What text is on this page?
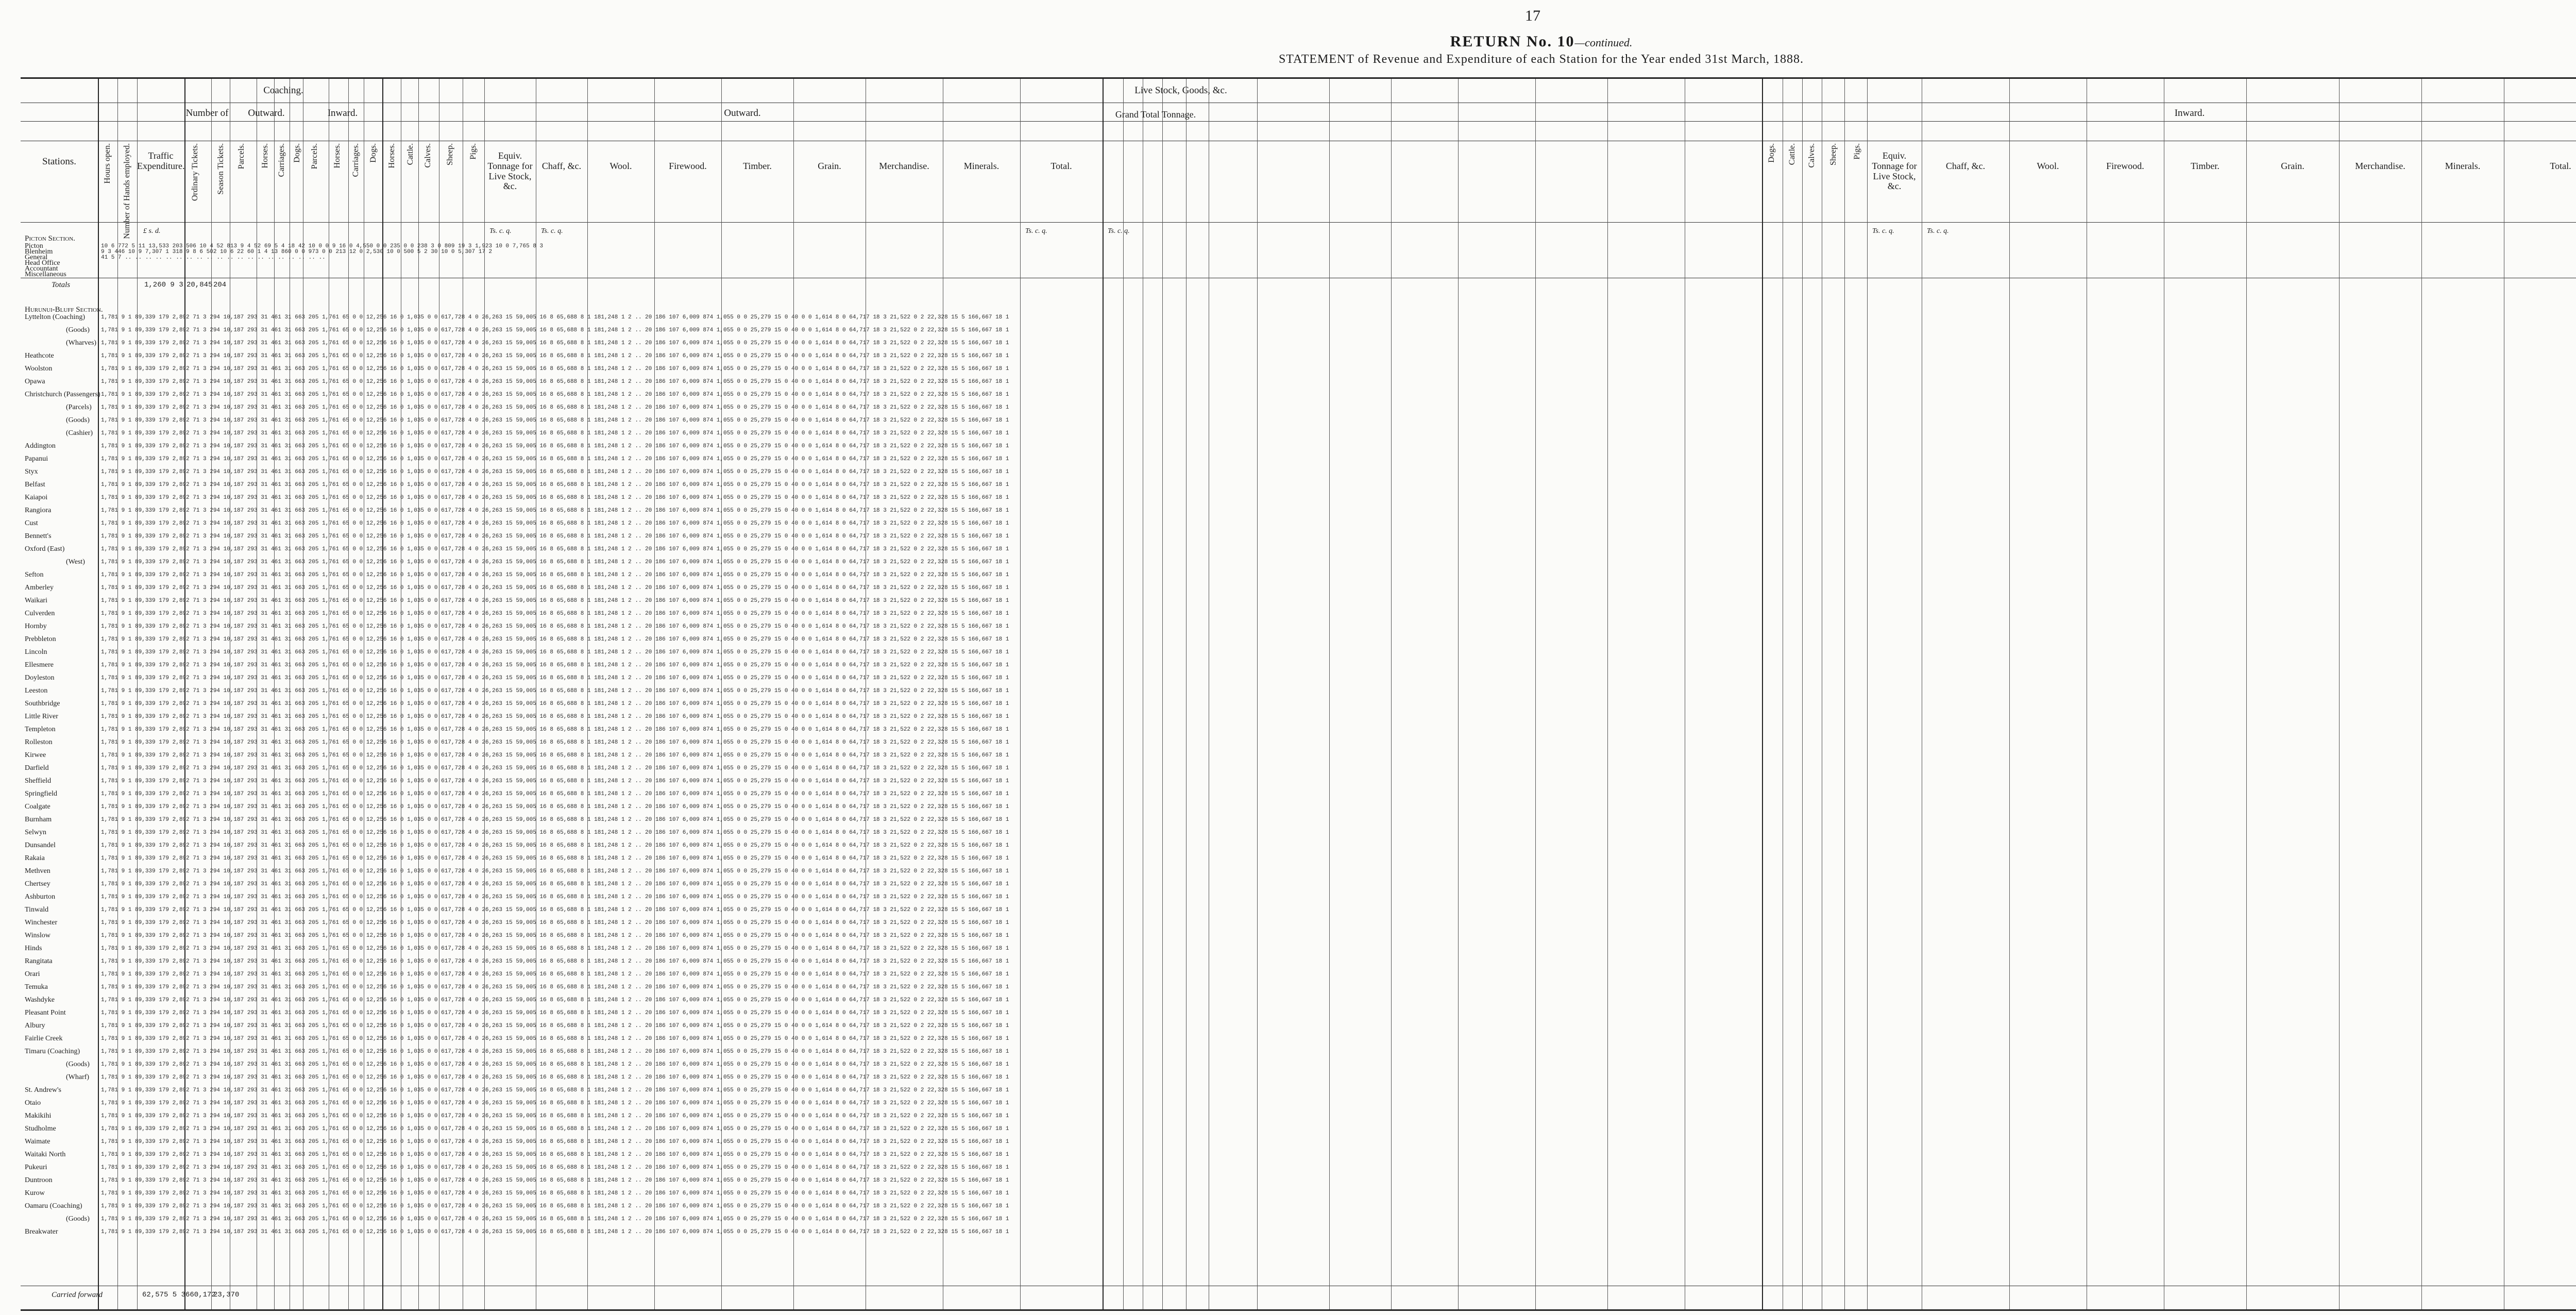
17
RETURN No. 10—continued.
STATEMENT of Revenue and Expenditure of each Station for the Year ended 31st March, 1888.
Stations.
Coaching.	Live Stock, Goods, &c.
Number of	Outward.	Inward.	Outward.	Inward.
Hours open. Number of Hands employed.	Ordinary Tickets. Season Tickets. Parcels. Horses. Carriages. Dogs. Parcels. Horses. Carriages. Dogs. Horses. Cattle. Calves. Sheep. Pigs.	Dogs. Cattle. Calves. Sheep. Pigs.
Traffic Expenditure.
Equiv. Tonnage for Live Stock, &c.
Chaff, &c.	Wool.	Firewood.	Timber.	Grain.	Merchandise.	Minerals.	Total.
Grand Total Tonnage.
Equiv. Tonnage for Live Stock, &c.
Chaff, &c.	Wool.	Firewood.	Timber.	Grain.	Merchandise.	Minerals.	Total.
£ s. d.	Ts. c. q.	Ts. c. q.	Ts. c. q.	Ts. c. q.	Ts. c. q.	Ts. c. q.
Picton Section.
Picton	10 6 772 5 11 13,533 203 506 10 4 52 813 9 4 52 69 5 4 18 42 10 0 0 9 16 0 4,550 0 0 235 0 0 238 3 0 809 19 3 1,923 10 0 7,765 8 3
Blenheim	9 3 446 10 9 7,307 1 318 9 8 6 502 10 6 22 60 1 4 13 860 0 0 973 0 0 213 12 0 2,530 10 0 500 5 2 30 10 0 5,307 17 2
General	41 5 7 .. .. .. .. .. .. .. .. .. .. .. .. .. .. .. .. .. .. .. ..
Head Office
Accountant
Miscellaneous
Totals	1,260 9 3 20,845 204
Hurunui-Bluff Section.
Lyttelton (Coaching)	1,781 9 1 89,339 179 2,892 71 3 294 10,187 293 31 461 31 663 205 1,761 65 0 0 12,256 16 0 1,035 0 0 617,728 4 0 26,263 15 59,005 16 8 65,688 8 1 181,248 1 2 .. 20 186 107 6,009 874 1,055 0 0 25,279 15 0 40 0 0 1,614 8 0 64,717 18 3 21,522 0 2 22,328 15 5 166,667 18 1
(Goods) 1,781 9 1 89,339 179 2,892 71 3 294 10,187 293 31 461 31 663 205 1,761 65 0 0 12,256 16 0 1,035 0 0 617,728 4 0 26,263 15 59,005 16 8 65,688 8 1 181,248 1 2 .. 20 186 107 6,009 874 1,055 0 0 25,279 15 0 40 0 0 1,614 8 0 64,717 18 3 21,522 0 2 22,328 15 5 166,667 18 1
(Wharves) 1,781 9 1 89,339 179 2,892 71 3 294 10,187 293 31 461 31 663 205 1,761 65 0 0 12,256 16 0 1,035 0 0 617,728 4 0 26,263 15 59,005 16 8 65,688 8 1 181,248 1 2 .. 20 186 107 6,009 874 1,055 0 0 25,279 15 0 40 0 0 1,614 8 0 64,717 18 3 21,522 0 2 22,328 15 5 166,667 18 1
Heathcote	1,781 9 1 89,339 179 2,892 71 3 294 10,187 293 31 461 31 663 205 1,761 65 0 0 12,256 16 0 1,035 0 0 617,728 4 0 26,263 15 59,005 16 8 65,688 8 1 181,248 1 2 .. 20 186 107 6,009 874 1,055 0 0 25,279 15 0 40 0 0 1,614 8 0 64,717 18 3 21,522 0 2 22,328 15 5 166,667 18 1
Woolston	1,781 9 1 89,339 179 2,892 71 3 294 10,187 293 31 461 31 663 205 1,761 65 0 0 12,256 16 0 1,035 0 0 617,728 4 0 26,263 15 59,005 16 8 65,688 8 1 181,248 1 2 .. 20 186 107 6,009 874 1,055 0 0 25,279 15 0 40 0 0 1,614 8 0 64,717 18 3 21,522 0 2 22,328 15 5 166,667 18 1
Opawa	1,781 9 1 89,339 179 2,892 71 3 294 10,187 293 31 461 31 663 205 1,761 65 0 0 12,256 16 0 1,035 0 0 617,728 4 0 26,263 15 59,005 16 8 65,688 8 1 181,248 1 2 .. 20 186 107 6,009 874 1,055 0 0 25,279 15 0 40 0 0 1,614 8 0 64,717 18 3 21,522 0 2 22,328 15 5 166,667 18 1
Christchurch (Passengers) 1,781 9 1 89,339 179 2,892 71 3 294 10,187 293 31 461 31 663 205 1,761 65 0 0 12,256 16 0 1,035 0 0 617,728 4 0 26,263 15 59,005 16 8 65,688 8 1 181,248 1 2 .. 20 186 107 6,009 874 1,055 0 0 25,279 15 0 40 0 0 1,614 8 0 64,717 18 3 21,522 0 2 22,328 15 5 166,667 18 1
(Parcels) 1,781 9 1 89,339 179 2,892 71 3 294 10,187 293 31 461 31 663 205 1,761 65 0 0 12,256 16 0 1,035 0 0 617,728 4 0 26,263 15 59,005 16 8 65,688 8 1 181,248 1 2 .. 20 186 107 6,009 874 1,055 0 0 25,279 15 0 40 0 0 1,614 8 0 64,717 18 3 21,522 0 2 22,328 15 5 166,667 18 1
(Goods) 1,781 9 1 89,339 179 2,892 71 3 294 10,187 293 31 461 31 663 205 1,761 65 0 0 12,256 16 0 1,035 0 0 617,728 4 0 26,263 15 59,005 16 8 65,688 8 1 181,248 1 2 .. 20 186 107 6,009 874 1,055 0 0 25,279 15 0 40 0 0 1,614 8 0 64,717 18 3 21,522 0 2 22,328 15 5 166,667 18 1
(Cashier) 1,781 9 1 89,339 179 2,892 71 3 294 10,187 293 31 461 31 663 205 1,761 65 0 0 12,256 16 0 1,035 0 0 617,728 4 0 26,263 15 59,005 16 8 65,688 8 1 181,248 1 2 .. 20 186 107 6,009 874 1,055 0 0 25,279 15 0 40 0 0 1,614 8 0 64,717 18 3 21,522 0 2 22,328 15 5 166,667 18 1
Addington	1,781 9 1 89,339 179 2,892 71 3 294 10,187 293 31 461 31 663 205 1,761 65 0 0 12,256 16 0 1,035 0 0 617,728 4 0 26,263 15 59,005 16 8 65,688 8 1 181,248 1 2 .. 20 186 107 6,009 874 1,055 0 0 25,279 15 0 40 0 0 1,614 8 0 64,717 18 3 21,522 0 2 22,328 15 5 166,667 18 1
Papanui	1,781 9 1 89,339 179 2,892 71 3 294 10,187 293 31 461 31 663 205 1,761 65 0 0 12,256 16 0 1,035 0 0 617,728 4 0 26,263 15 59,005 16 8 65,688 8 1 181,248 1 2 .. 20 186 107 6,009 874 1,055 0 0 25,279 15 0 40 0 0 1,614 8 0 64,717 18 3 21,522 0 2 22,328 15 5 166,667 18 1
Styx	1,781 9 1 89,339 179 2,892 71 3 294 10,187 293 31 461 31 663 205 1,761 65 0 0 12,256 16 0 1,035 0 0 617,728 4 0 26,263 15 59,005 16 8 65,688 8 1 181,248 1 2 .. 20 186 107 6,009 874 1,055 0 0 25,279 15 0 40 0 0 1,614 8 0 64,717 18 3 21,522 0 2 22,328 15 5 166,667 18 1
Belfast	1,781 9 1 89,339 179 2,892 71 3 294 10,187 293 31 461 31 663 205 1,761 65 0 0 12,256 16 0 1,035 0 0 617,728 4 0 26,263 15 59,005 16 8 65,688 8 1 181,248 1 2 .. 20 186 107 6,009 874 1,055 0 0 25,279 15 0 40 0 0 1,614 8 0 64,717 18 3 21,522 0 2 22,328 15 5 166,667 18 1
Kaiapoi	1,781 9 1 89,339 179 2,892 71 3 294 10,187 293 31 461 31 663 205 1,761 65 0 0 12,256 16 0 1,035 0 0 617,728 4 0 26,263 15 59,005 16 8 65,688 8 1 181,248 1 2 .. 20 186 107 6,009 874 1,055 0 0 25,279 15 0 40 0 0 1,614 8 0 64,717 18 3 21,522 0 2 22,328 15 5 166,667 18 1
Rangiora	1,781 9 1 89,339 179 2,892 71 3 294 10,187 293 31 461 31 663 205 1,761 65 0 0 12,256 16 0 1,035 0 0 617,728 4 0 26,263 15 59,005 16 8 65,688 8 1 181,248 1 2 .. 20 186 107 6,009 874 1,055 0 0 25,279 15 0 40 0 0 1,614 8 0 64,717 18 3 21,522 0 2 22,328 15 5 166,667 18 1
Cust	1,781 9 1 89,339 179 2,892 71 3 294 10,187 293 31 461 31 663 205 1,761 65 0 0 12,256 16 0 1,035 0 0 617,728 4 0 26,263 15 59,005 16 8 65,688 8 1 181,248 1 2 .. 20 186 107 6,009 874 1,055 0 0 25,279 15 0 40 0 0 1,614 8 0 64,717 18 3 21,522 0 2 22,328 15 5 166,667 18 1
Bennett's	1,781 9 1 89,339 179 2,892 71 3 294 10,187 293 31 461 31 663 205 1,761 65 0 0 12,256 16 0 1,035 0 0 617,728 4 0 26,263 15 59,005 16 8 65,688 8 1 181,248 1 2 .. 20 186 107 6,009 874 1,055 0 0 25,279 15 0 40 0 0 1,614 8 0 64,717 18 3 21,522 0 2 22,328 15 5 166,667 18 1
Oxford (East)	1,781 9 1 89,339 179 2,892 71 3 294 10,187 293 31 461 31 663 205 1,761 65 0 0 12,256 16 0 1,035 0 0 617,728 4 0 26,263 15 59,005 16 8 65,688 8 1 181,248 1 2 .. 20 186 107 6,009 874 1,055 0 0 25,279 15 0 40 0 0 1,614 8 0 64,717 18 3 21,522 0 2 22,328 15 5 166,667 18 1
(West)	1,781 9 1 89,339 179 2,892 71 3 294 10,187 293 31 461 31 663 205 1,761 65 0 0 12,256 16 0 1,035 0 0 617,728 4 0 26,263 15 59,005 16 8 65,688 8 1 181,248 1 2 .. 20 186 107 6,009 874 1,055 0 0 25,279 15 0 40 0 0 1,614 8 0 64,717 18 3 21,522 0 2 22,328 15 5 166,667 18 1
Sefton	1,781 9 1 89,339 179 2,892 71 3 294 10,187 293 31 461 31 663 205 1,761 65 0 0 12,256 16 0 1,035 0 0 617,728 4 0 26,263 15 59,005 16 8 65,688 8 1 181,248 1 2 .. 20 186 107 6,009 874 1,055 0 0 25,279 15 0 40 0 0 1,614 8 0 64,717 18 3 21,522 0 2 22,328 15 5 166,667 18 1
Amberley	1,781 9 1 89,339 179 2,892 71 3 294 10,187 293 31 461 31 663 205 1,761 65 0 0 12,256 16 0 1,035 0 0 617,728 4 0 26,263 15 59,005 16 8 65,688 8 1 181,248 1 2 .. 20 186 107 6,009 874 1,055 0 0 25,279 15 0 40 0 0 1,614 8 0 64,717 18 3 21,522 0 2 22,328 15 5 166,667 18 1
Waikari	1,781 9 1 89,339 179 2,892 71 3 294 10,187 293 31 461 31 663 205 1,761 65 0 0 12,256 16 0 1,035 0 0 617,728 4 0 26,263 15 59,005 16 8 65,688 8 1 181,248 1 2 .. 20 186 107 6,009 874 1,055 0 0 25,279 15 0 40 0 0 1,614 8 0 64,717 18 3 21,522 0 2 22,328 15 5 166,667 18 1
Culverden	1,781 9 1 89,339 179 2,892 71 3 294 10,187 293 31 461 31 663 205 1,761 65 0 0 12,256 16 0 1,035 0 0 617,728 4 0 26,263 15 59,005 16 8 65,688 8 1 181,248 1 2 .. 20 186 107 6,009 874 1,055 0 0 25,279 15 0 40 0 0 1,614 8 0 64,717 18 3 21,522 0 2 22,328 15 5 166,667 18 1
Hornby	1,781 9 1 89,339 179 2,892 71 3 294 10,187 293 31 461 31 663 205 1,761 65 0 0 12,256 16 0 1,035 0 0 617,728 4 0 26,263 15 59,005 16 8 65,688 8 1 181,248 1 2 .. 20 186 107 6,009 874 1,055 0 0 25,279 15 0 40 0 0 1,614 8 0 64,717 18 3 21,522 0 2 22,328 15 5 166,667 18 1
Prebbleton	1,781 9 1 89,339 179 2,892 71 3 294 10,187 293 31 461 31 663 205 1,761 65 0 0 12,256 16 0 1,035 0 0 617,728 4 0 26,263 15 59,005 16 8 65,688 8 1 181,248 1 2 .. 20 186 107 6,009 874 1,055 0 0 25,279 15 0 40 0 0 1,614 8 0 64,717 18 3 21,522 0 2 22,328 15 5 166,667 18 1
Lincoln	1,781 9 1 89,339 179 2,892 71 3 294 10,187 293 31 461 31 663 205 1,761 65 0 0 12,256 16 0 1,035 0 0 617,728 4 0 26,263 15 59,005 16 8 65,688 8 1 181,248 1 2 .. 20 186 107 6,009 874 1,055 0 0 25,279 15 0 40 0 0 1,614 8 0 64,717 18 3 21,522 0 2 22,328 15 5 166,667 18 1
Ellesmere	1,781 9 1 89,339 179 2,892 71 3 294 10,187 293 31 461 31 663 205 1,761 65 0 0 12,256 16 0 1,035 0 0 617,728 4 0 26,263 15 59,005 16 8 65,688 8 1 181,248 1 2 .. 20 186 107 6,009 874 1,055 0 0 25,279 15 0 40 0 0 1,614 8 0 64,717 18 3 21,522 0 2 22,328 15 5 166,667 18 1
Doyleston	1,781 9 1 89,339 179 2,892 71 3 294 10,187 293 31 461 31 663 205 1,761 65 0 0 12,256 16 0 1,035 0 0 617,728 4 0 26,263 15 59,005 16 8 65,688 8 1 181,248 1 2 .. 20 186 107 6,009 874 1,055 0 0 25,279 15 0 40 0 0 1,614 8 0 64,717 18 3 21,522 0 2 22,328 15 5 166,667 18 1
Leeston	1,781 9 1 89,339 179 2,892 71 3 294 10,187 293 31 461 31 663 205 1,761 65 0 0 12,256 16 0 1,035 0 0 617,728 4 0 26,263 15 59,005 16 8 65,688 8 1 181,248 1 2 .. 20 186 107 6,009 874 1,055 0 0 25,279 15 0 40 0 0 1,614 8 0 64,717 18 3 21,522 0 2 22,328 15 5 166,667 18 1
Southbridge	1,781 9 1 89,339 179 2,892 71 3 294 10,187 293 31 461 31 663 205 1,761 65 0 0 12,256 16 0 1,035 0 0 617,728 4 0 26,263 15 59,005 16 8 65,688 8 1 181,248 1 2 .. 20 186 107 6,009 874 1,055 0 0 25,279 15 0 40 0 0 1,614 8 0 64,717 18 3 21,522 0 2 22,328 15 5 166,667 18 1
Little River	1,781 9 1 89,339 179 2,892 71 3 294 10,187 293 31 461 31 663 205 1,761 65 0 0 12,256 16 0 1,035 0 0 617,728 4 0 26,263 15 59,005 16 8 65,688 8 1 181,248 1 2 .. 20 186 107 6,009 874 1,055 0 0 25,279 15 0 40 0 0 1,614 8 0 64,717 18 3 21,522 0 2 22,328 15 5 166,667 18 1
Templeton	1,781 9 1 89,339 179 2,892 71 3 294 10,187 293 31 461 31 663 205 1,761 65 0 0 12,256 16 0 1,035 0 0 617,728 4 0 26,263 15 59,005 16 8 65,688 8 1 181,248 1 2 .. 20 186 107 6,009 874 1,055 0 0 25,279 15 0 40 0 0 1,614 8 0 64,717 18 3 21,522 0 2 22,328 15 5 166,667 18 1
Rolleston	1,781 9 1 89,339 179 2,892 71 3 294 10,187 293 31 461 31 663 205 1,761 65 0 0 12,256 16 0 1,035 0 0 617,728 4 0 26,263 15 59,005 16 8 65,688 8 1 181,248 1 2 .. 20 186 107 6,009 874 1,055 0 0 25,279 15 0 40 0 0 1,614 8 0 64,717 18 3 21,522 0 2 22,328 15 5 166,667 18 1
Kirwee	1,781 9 1 89,339 179 2,892 71 3 294 10,187 293 31 461 31 663 205 1,761 65 0 0 12,256 16 0 1,035 0 0 617,728 4 0 26,263 15 59,005 16 8 65,688 8 1 181,248 1 2 .. 20 186 107 6,009 874 1,055 0 0 25,279 15 0 40 0 0 1,614 8 0 64,717 18 3 21,522 0 2 22,328 15 5 166,667 18 1
Darfield	1,781 9 1 89,339 179 2,892 71 3 294 10,187 293 31 461 31 663 205 1,761 65 0 0 12,256 16 0 1,035 0 0 617,728 4 0 26,263 15 59,005 16 8 65,688 8 1 181,248 1 2 .. 20 186 107 6,009 874 1,055 0 0 25,279 15 0 40 0 0 1,614 8 0 64,717 18 3 21,522 0 2 22,328 15 5 166,667 18 1
Sheffield	1,781 9 1 89,339 179 2,892 71 3 294 10,187 293 31 461 31 663 205 1,761 65 0 0 12,256 16 0 1,035 0 0 617,728 4 0 26,263 15 59,005 16 8 65,688 8 1 181,248 1 2 .. 20 186 107 6,009 874 1,055 0 0 25,279 15 0 40 0 0 1,614 8 0 64,717 18 3 21,522 0 2 22,328 15 5 166,667 18 1
Springfield	1,781 9 1 89,339 179 2,892 71 3 294 10,187 293 31 461 31 663 205 1,761 65 0 0 12,256 16 0 1,035 0 0 617,728 4 0 26,263 15 59,005 16 8 65,688 8 1 181,248 1 2 .. 20 186 107 6,009 874 1,055 0 0 25,279 15 0 40 0 0 1,614 8 0 64,717 18 3 21,522 0 2 22,328 15 5 166,667 18 1
Coalgate	1,781 9 1 89,339 179 2,892 71 3 294 10,187 293 31 461 31 663 205 1,761 65 0 0 12,256 16 0 1,035 0 0 617,728 4 0 26,263 15 59,005 16 8 65,688 8 1 181,248 1 2 .. 20 186 107 6,009 874 1,055 0 0 25,279 15 0 40 0 0 1,614 8 0 64,717 18 3 21,522 0 2 22,328 15 5 166,667 18 1
Burnham	1,781 9 1 89,339 179 2,892 71 3 294 10,187 293 31 461 31 663 205 1,761 65 0 0 12,256 16 0 1,035 0 0 617,728 4 0 26,263 15 59,005 16 8 65,688 8 1 181,248 1 2 .. 20 186 107 6,009 874 1,055 0 0 25,279 15 0 40 0 0 1,614 8 0 64,717 18 3 21,522 0 2 22,328 15 5 166,667 18 1
Selwyn	1,781 9 1 89,339 179 2,892 71 3 294 10,187 293 31 461 31 663 205 1,761 65 0 0 12,256 16 0 1,035 0 0 617,728 4 0 26,263 15 59,005 16 8 65,688 8 1 181,248 1 2 .. 20 186 107 6,009 874 1,055 0 0 25,279 15 0 40 0 0 1,614 8 0 64,717 18 3 21,522 0 2 22,328 15 5 166,667 18 1
Dunsandel	1,781 9 1 89,339 179 2,892 71 3 294 10,187 293 31 461 31 663 205 1,761 65 0 0 12,256 16 0 1,035 0 0 617,728 4 0 26,263 15 59,005 16 8 65,688 8 1 181,248 1 2 .. 20 186 107 6,009 874 1,055 0 0 25,279 15 0 40 0 0 1,614 8 0 64,717 18 3 21,522 0 2 22,328 15 5 166,667 18 1
Rakaia	1,781 9 1 89,339 179 2,892 71 3 294 10,187 293 31 461 31 663 205 1,761 65 0 0 12,256 16 0 1,035 0 0 617,728 4 0 26,263 15 59,005 16 8 65,688 8 1 181,248 1 2 .. 20 186 107 6,009 874 1,055 0 0 25,279 15 0 40 0 0 1,614 8 0 64,717 18 3 21,522 0 2 22,328 15 5 166,667 18 1
Methven	1,781 9 1 89,339 179 2,892 71 3 294 10,187 293 31 461 31 663 205 1,761 65 0 0 12,256 16 0 1,035 0 0 617,728 4 0 26,263 15 59,005 16 8 65,688 8 1 181,248 1 2 .. 20 186 107 6,009 874 1,055 0 0 25,279 15 0 40 0 0 1,614 8 0 64,717 18 3 21,522 0 2 22,328 15 5 166,667 18 1
Chertsey	1,781 9 1 89,339 179 2,892 71 3 294 10,187 293 31 461 31 663 205 1,761 65 0 0 12,256 16 0 1,035 0 0 617,728 4 0 26,263 15 59,005 16 8 65,688 8 1 181,248 1 2 .. 20 186 107 6,009 874 1,055 0 0 25,279 15 0 40 0 0 1,614 8 0 64,717 18 3 21,522 0 2 22,328 15 5 166,667 18 1
Ashburton	1,781 9 1 89,339 179 2,892 71 3 294 10,187 293 31 461 31 663 205 1,761 65 0 0 12,256 16 0 1,035 0 0 617,728 4 0 26,263 15 59,005 16 8 65,688 8 1 181,248 1 2 .. 20 186 107 6,009 874 1,055 0 0 25,279 15 0 40 0 0 1,614 8 0 64,717 18 3 21,522 0 2 22,328 15 5 166,667 18 1
Tinwald	1,781 9 1 89,339 179 2,892 71 3 294 10,187 293 31 461 31 663 205 1,761 65 0 0 12,256 16 0 1,035 0 0 617,728 4 0 26,263 15 59,005 16 8 65,688 8 1 181,248 1 2 .. 20 186 107 6,009 874 1,055 0 0 25,279 15 0 40 0 0 1,614 8 0 64,717 18 3 21,522 0 2 22,328 15 5 166,667 18 1
Winchester	1,781 9 1 89,339 179 2,892 71 3 294 10,187 293 31 461 31 663 205 1,761 65 0 0 12,256 16 0 1,035 0 0 617,728 4 0 26,263 15 59,005 16 8 65,688 8 1 181,248 1 2 .. 20 186 107 6,009 874 1,055 0 0 25,279 15 0 40 0 0 1,614 8 0 64,717 18 3 21,522 0 2 22,328 15 5 166,667 18 1
Winslow	1,781 9 1 89,339 179 2,892 71 3 294 10,187 293 31 461 31 663 205 1,761 65 0 0 12,256 16 0 1,035 0 0 617,728 4 0 26,263 15 59,005 16 8 65,688 8 1 181,248 1 2 .. 20 186 107 6,009 874 1,055 0 0 25,279 15 0 40 0 0 1,614 8 0 64,717 18 3 21,522 0 2 22,328 15 5 166,667 18 1
Hinds	1,781 9 1 89,339 179 2,892 71 3 294 10,187 293 31 461 31 663 205 1,761 65 0 0 12,256 16 0 1,035 0 0 617,728 4 0 26,263 15 59,005 16 8 65,688 8 1 181,248 1 2 .. 20 186 107 6,009 874 1,055 0 0 25,279 15 0 40 0 0 1,614 8 0 64,717 18 3 21,522 0 2 22,328 15 5 166,667 18 1
Rangitata	1,781 9 1 89,339 179 2,892 71 3 294 10,187 293 31 461 31 663 205 1,761 65 0 0 12,256 16 0 1,035 0 0 617,728 4 0 26,263 15 59,005 16 8 65,688 8 1 181,248 1 2 .. 20 186 107 6,009 874 1,055 0 0 25,279 15 0 40 0 0 1,614 8 0 64,717 18 3 21,522 0 2 22,328 15 5 166,667 18 1
Orari	1,781 9 1 89,339 179 2,892 71 3 294 10,187 293 31 461 31 663 205 1,761 65 0 0 12,256 16 0 1,035 0 0 617,728 4 0 26,263 15 59,005 16 8 65,688 8 1 181,248 1 2 .. 20 186 107 6,009 874 1,055 0 0 25,279 15 0 40 0 0 1,614 8 0 64,717 18 3 21,522 0 2 22,328 15 5 166,667 18 1
Temuka	1,781 9 1 89,339 179 2,892 71 3 294 10,187 293 31 461 31 663 205 1,761 65 0 0 12,256 16 0 1,035 0 0 617,728 4 0 26,263 15 59,005 16 8 65,688 8 1 181,248 1 2 .. 20 186 107 6,009 874 1,055 0 0 25,279 15 0 40 0 0 1,614 8 0 64,717 18 3 21,522 0 2 22,328 15 5 166,667 18 1
Washdyke	1,781 9 1 89,339 179 2,892 71 3 294 10,187 293 31 461 31 663 205 1,761 65 0 0 12,256 16 0 1,035 0 0 617,728 4 0 26,263 15 59,005 16 8 65,688 8 1 181,248 1 2 .. 20 186 107 6,009 874 1,055 0 0 25,279 15 0 40 0 0 1,614 8 0 64,717 18 3 21,522 0 2 22,328 15 5 166,667 18 1
Pleasant Point	1,781 9 1 89,339 179 2,892 71 3 294 10,187 293 31 461 31 663 205 1,761 65 0 0 12,256 16 0 1,035 0 0 617,728 4 0 26,263 15 59,005 16 8 65,688 8 1 181,248 1 2 .. 20 186 107 6,009 874 1,055 0 0 25,279 15 0 40 0 0 1,614 8 0 64,717 18 3 21,522 0 2 22,328 15 5 166,667 18 1
Albury	1,781 9 1 89,339 179 2,892 71 3 294 10,187 293 31 461 31 663 205 1,761 65 0 0 12,256 16 0 1,035 0 0 617,728 4 0 26,263 15 59,005 16 8 65,688 8 1 181,248 1 2 .. 20 186 107 6,009 874 1,055 0 0 25,279 15 0 40 0 0 1,614 8 0 64,717 18 3 21,522 0 2 22,328 15 5 166,667 18 1
Fairlie Creek	1,781 9 1 89,339 179 2,892 71 3 294 10,187 293 31 461 31 663 205 1,761 65 0 0 12,256 16 0 1,035 0 0 617,728 4 0 26,263 15 59,005 16 8 65,688 8 1 181,248 1 2 .. 20 186 107 6,009 874 1,055 0 0 25,279 15 0 40 0 0 1,614 8 0 64,717 18 3 21,522 0 2 22,328 15 5 166,667 18 1
Timaru (Coaching)	1,781 9 1 89,339 179 2,892 71 3 294 10,187 293 31 461 31 663 205 1,761 65 0 0 12,256 16 0 1,035 0 0 617,728 4 0 26,263 15 59,005 16 8 65,688 8 1 181,248 1 2 .. 20 186 107 6,009 874 1,055 0 0 25,279 15 0 40 0 0 1,614 8 0 64,717 18 3 21,522 0 2 22,328 15 5 166,667 18 1
(Goods) 1,781 9 1 89,339 179 2,892 71 3 294 10,187 293 31 461 31 663 205 1,761 65 0 0 12,256 16 0 1,035 0 0 617,728 4 0 26,263 15 59,005 16 8 65,688 8 1 181,248 1 2 .. 20 186 107 6,009 874 1,055 0 0 25,279 15 0 40 0 0 1,614 8 0 64,717 18 3 21,522 0 2 22,328 15 5 166,667 18 1
(Wharf) 1,781 9 1 89,339 179 2,892 71 3 294 10,187 293 31 461 31 663 205 1,761 65 0 0 12,256 16 0 1,035 0 0 617,728 4 0 26,263 15 59,005 16 8 65,688 8 1 181,248 1 2 .. 20 186 107 6,009 874 1,055 0 0 25,279 15 0 40 0 0 1,614 8 0 64,717 18 3 21,522 0 2 22,328 15 5 166,667 18 1
St. Andrew's	1,781 9 1 89,339 179 2,892 71 3 294 10,187 293 31 461 31 663 205 1,761 65 0 0 12,256 16 0 1,035 0 0 617,728 4 0 26,263 15 59,005 16 8 65,688 8 1 181,248 1 2 .. 20 186 107 6,009 874 1,055 0 0 25,279 15 0 40 0 0 1,614 8 0 64,717 18 3 21,522 0 2 22,328 15 5 166,667 18 1
Otaio	1,781 9 1 89,339 179 2,892 71 3 294 10,187 293 31 461 31 663 205 1,761 65 0 0 12,256 16 0 1,035 0 0 617,728 4 0 26,263 15 59,005 16 8 65,688 8 1 181,248 1 2 .. 20 186 107 6,009 874 1,055 0 0 25,279 15 0 40 0 0 1,614 8 0 64,717 18 3 21,522 0 2 22,328 15 5 166,667 18 1
Makikihi	1,781 9 1 89,339 179 2,892 71 3 294 10,187 293 31 461 31 663 205 1,761 65 0 0 12,256 16 0 1,035 0 0 617,728 4 0 26,263 15 59,005 16 8 65,688 8 1 181,248 1 2 .. 20 186 107 6,009 874 1,055 0 0 25,279 15 0 40 0 0 1,614 8 0 64,717 18 3 21,522 0 2 22,328 15 5 166,667 18 1
Studholme	1,781 9 1 89,339 179 2,892 71 3 294 10,187 293 31 461 31 663 205 1,761 65 0 0 12,256 16 0 1,035 0 0 617,728 4 0 26,263 15 59,005 16 8 65,688 8 1 181,248 1 2 .. 20 186 107 6,009 874 1,055 0 0 25,279 15 0 40 0 0 1,614 8 0 64,717 18 3 21,522 0 2 22,328 15 5 166,667 18 1
Waimate	1,781 9 1 89,339 179 2,892 71 3 294 10,187 293 31 461 31 663 205 1,761 65 0 0 12,256 16 0 1,035 0 0 617,728 4 0 26,263 15 59,005 16 8 65,688 8 1 181,248 1 2 .. 20 186 107 6,009 874 1,055 0 0 25,279 15 0 40 0 0 1,614 8 0 64,717 18 3 21,522 0 2 22,328 15 5 166,667 18 1
Waitaki North	1,781 9 1 89,339 179 2,892 71 3 294 10,187 293 31 461 31 663 205 1,761 65 0 0 12,256 16 0 1,035 0 0 617,728 4 0 26,263 15 59,005 16 8 65,688 8 1 181,248 1 2 .. 20 186 107 6,009 874 1,055 0 0 25,279 15 0 40 0 0 1,614 8 0 64,717 18 3 21,522 0 2 22,328 15 5 166,667 18 1
Pukeuri	1,781 9 1 89,339 179 2,892 71 3 294 10,187 293 31 461 31 663 205 1,761 65 0 0 12,256 16 0 1,035 0 0 617,728 4 0 26,263 15 59,005 16 8 65,688 8 1 181,248 1 2 .. 20 186 107 6,009 874 1,055 0 0 25,279 15 0 40 0 0 1,614 8 0 64,717 18 3 21,522 0 2 22,328 15 5 166,667 18 1
Duntroon	1,781 9 1 89,339 179 2,892 71 3 294 10,187 293 31 461 31 663 205 1,761 65 0 0 12,256 16 0 1,035 0 0 617,728 4 0 26,263 15 59,005 16 8 65,688 8 1 181,248 1 2 .. 20 186 107 6,009 874 1,055 0 0 25,279 15 0 40 0 0 1,614 8 0 64,717 18 3 21,522 0 2 22,328 15 5 166,667 18 1
Kurow	1,781 9 1 89,339 179 2,892 71 3 294 10,187 293 31 461 31 663 205 1,761 65 0 0 12,256 16 0 1,035 0 0 617,728 4 0 26,263 15 59,005 16 8 65,688 8 1 181,248 1 2 .. 20 186 107 6,009 874 1,055 0 0 25,279 15 0 40 0 0 1,614 8 0 64,717 18 3 21,522 0 2 22,328 15 5 166,667 18 1
Oamaru (Coaching)	1,781 9 1 89,339 179 2,892 71 3 294 10,187 293 31 461 31 663 205 1,761 65 0 0 12,256 16 0 1,035 0 0 617,728 4 0 26,263 15 59,005 16 8 65,688 8 1 181,248 1 2 .. 20 186 107 6,009 874 1,055 0 0 25,279 15 0 40 0 0 1,614 8 0 64,717 18 3 21,522 0 2 22,328 15 5 166,667 18 1
(Goods) 1,781 9 1 89,339 179 2,892 71 3 294 10,187 293 31 461 31 663 205 1,761 65 0 0 12,256 16 0 1,035 0 0 617,728 4 0 26,263 15 59,005 16 8 65,688 8 1 181,248 1 2 .. 20 186 107 6,009 874 1,055 0 0 25,279 15 0 40 0 0 1,614 8 0 64,717 18 3 21,522 0 2 22,328 15 5 166,667 18 1
Breakwater	1,781 9 1 89,339 179 2,892 71 3 294 10,187 293 31 461 31 663 205 1,761 65 0 0 12,256 16 0 1,035 0 0 617,728 4 0 26,263 15 59,005 16 8 65,688 8 1 181,248 1 2 .. 20 186 107 6,009 874 1,055 0 0 25,279 15 0 40 0 0 1,614 8 0 64,717 18 3 21,522 0 2 22,328 15 5 166,667 18 1
Carried forward	62,575 5 3 660,172
23,370
